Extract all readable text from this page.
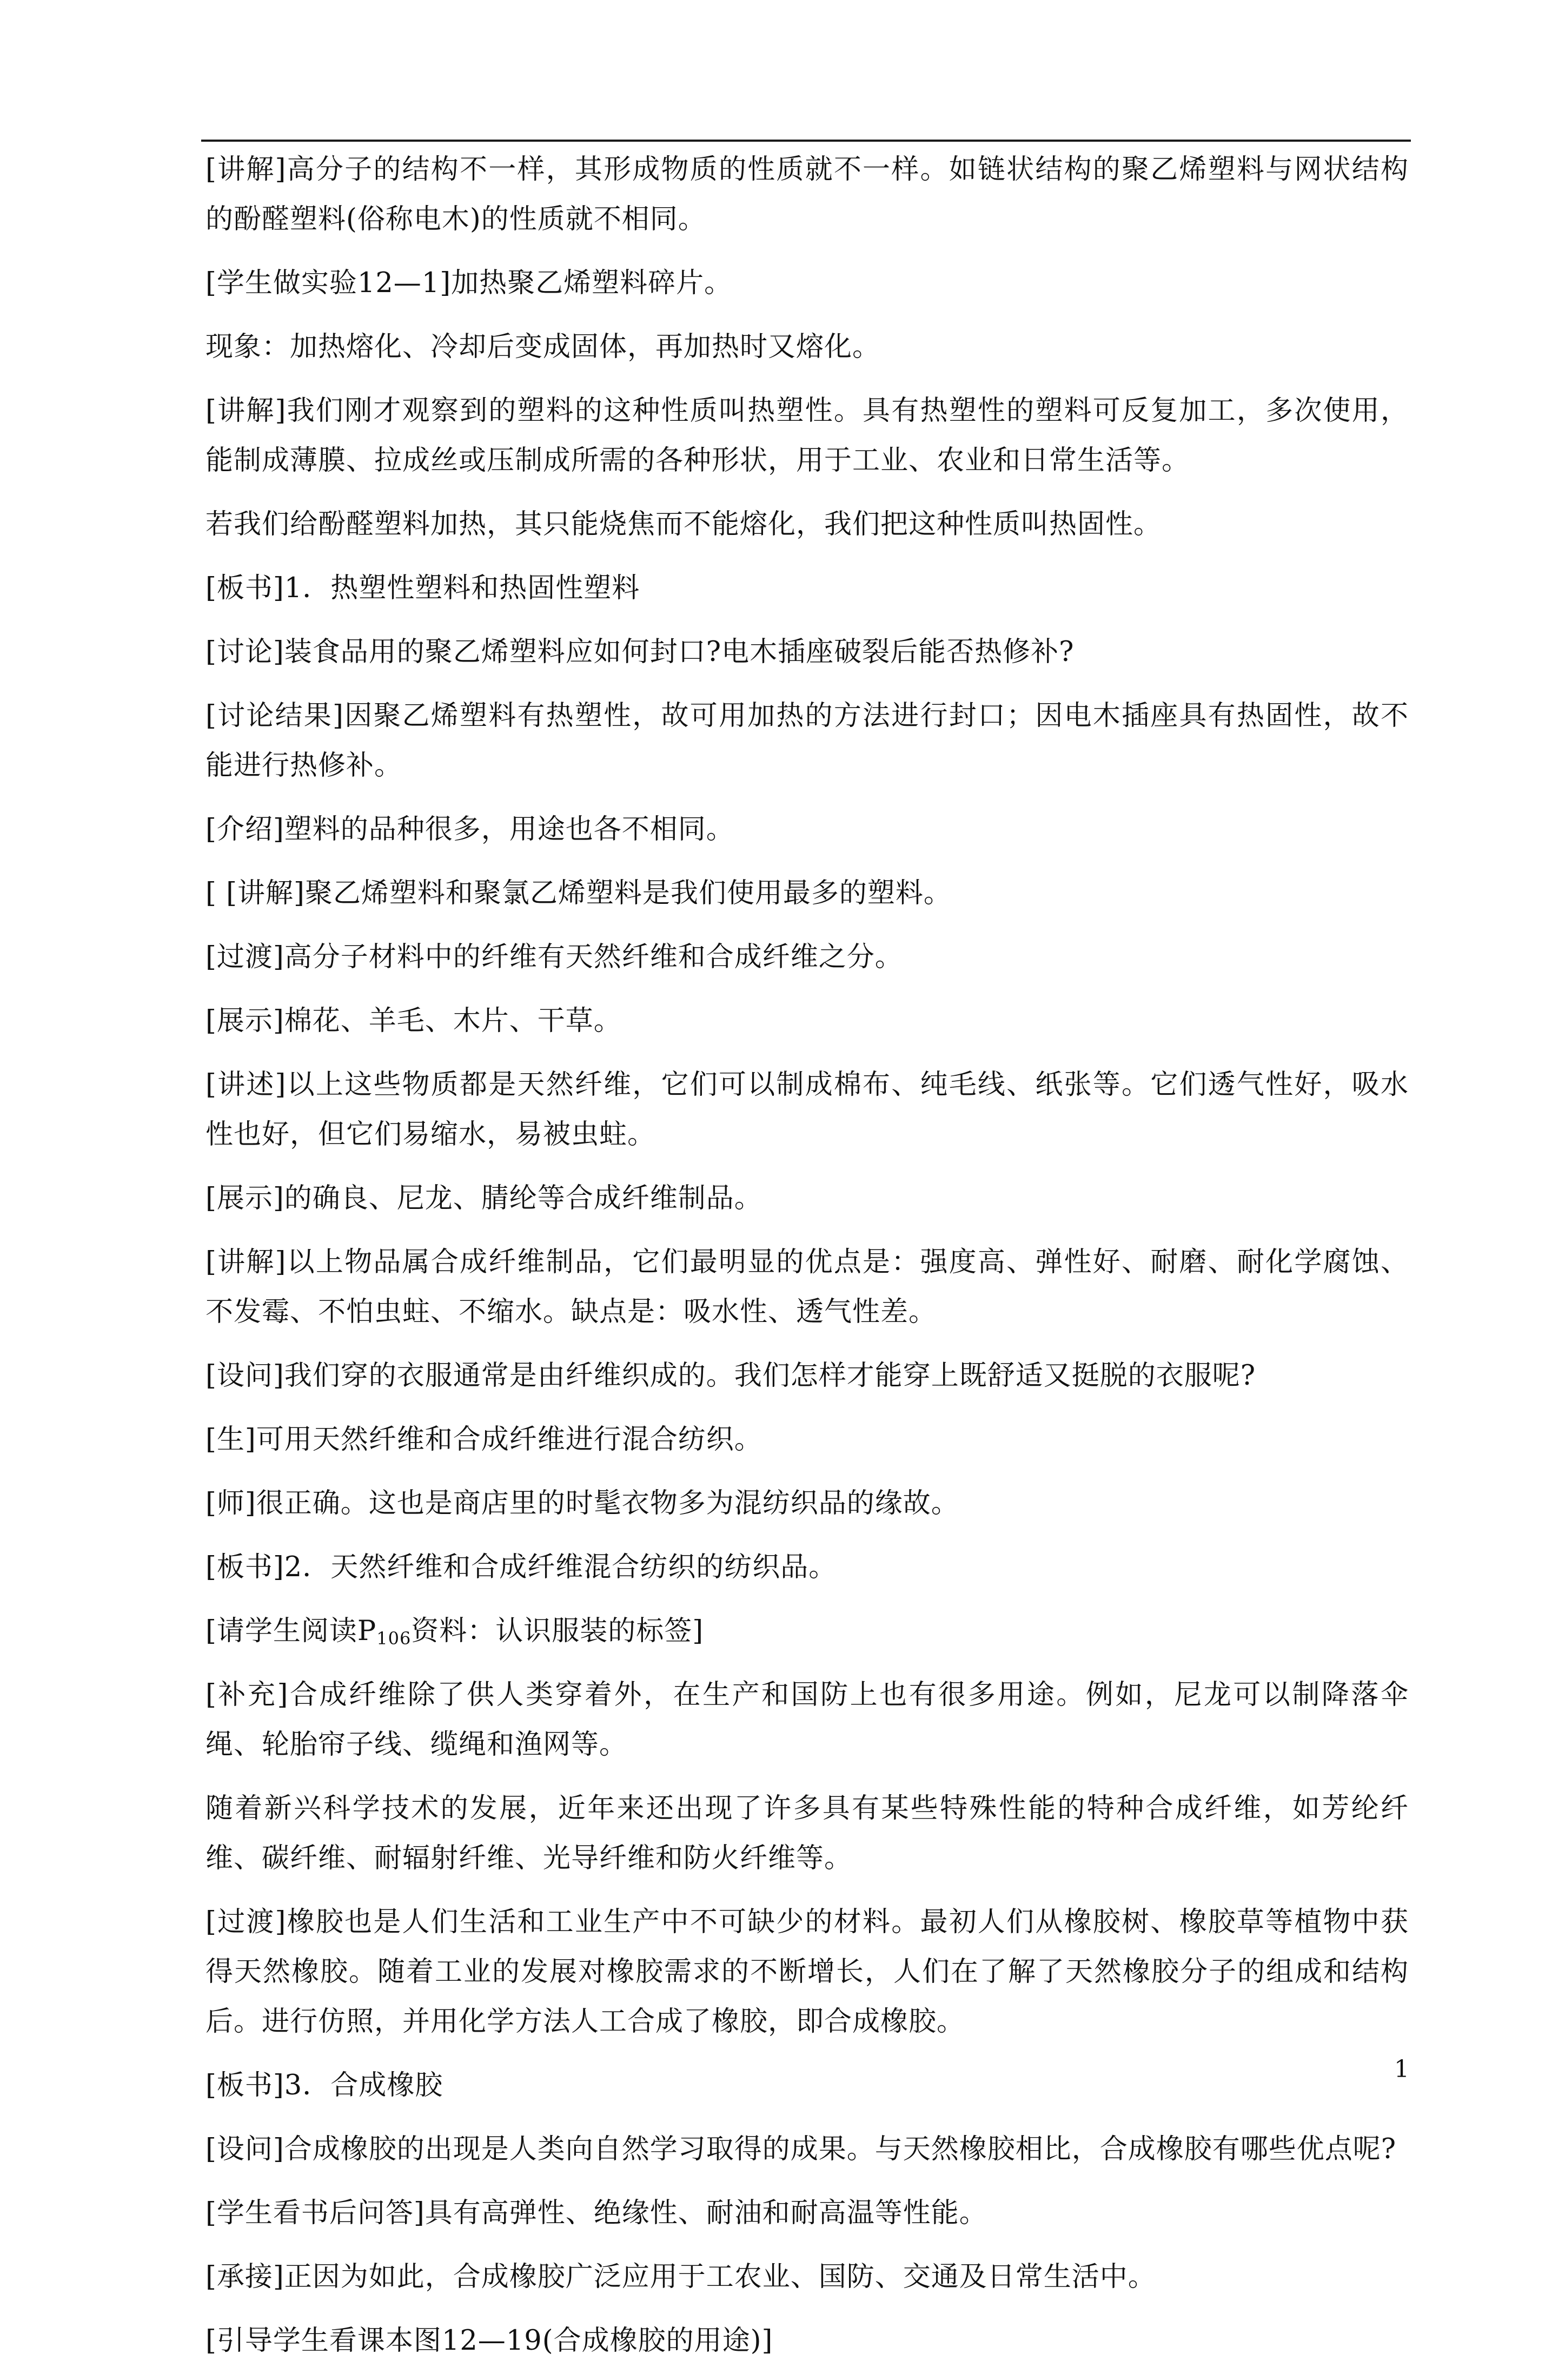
[讲解]高分子的结构不一样，其形成物质的性质就不一样。如链状结构的聚乙烯塑料与网状结构的酚醛塑料(俗称电木)的性质就不相同。

[学生做实验12—1]加热聚乙烯塑料碎片。

现象：加热熔化、冷却后变成固体，再加热时又熔化。

[讲解]我们刚才观察到的塑料的这种性质叫热塑性。具有热塑性的塑料可反复加工，多次使用，能制成薄膜、拉成丝或压制成所需的各种形状，用于工业、农业和日常生活等。

若我们给酚醛塑料加热，其只能烧焦而不能熔化，我们把这种性质叫热固性。

[板书]1．热塑性塑料和热固性塑料

[讨论]装食品用的聚乙烯塑料应如何封口?电木插座破裂后能否热修补?

[讨论结果]因聚乙烯塑料有热塑性，故可用加热的方法进行封口；因电木插座具有热固性，故不能进行热修补。

[介绍]塑料的品种很多，用途也各不相同。

[ [讲解]聚乙烯塑料和聚氯乙烯塑料是我们使用最多的塑料。

[过渡]高分子材料中的纤维有天然纤维和合成纤维之分。

[展示]棉花、羊毛、木片、干草。

[讲述]以上这些物质都是天然纤维，它们可以制成棉布、纯毛线、纸张等。它们透气性好，吸水性也好，但它们易缩水，易被虫蛀。

[展示]的确良、尼龙、腈纶等合成纤维制品。

[讲解]以上物品属合成纤维制品，它们最明显的优点是：强度高、弹性好、耐磨、耐化学腐蚀、不发霉、不怕虫蛀、不缩水。缺点是：吸水性、透气性差。

[设问]我们穿的衣服通常是由纤维织成的。我们怎样才能穿上既舒适又挺脱的衣服呢?

[生]可用天然纤维和合成纤维进行混合纺织。

[师]很正确。这也是商店里的时髦衣物多为混纺织品的缘故。

[板书]2．天然纤维和合成纤维混合纺织的纺织品。

[请学生阅读$P_{106}$资料：认识服装的标签]

[补充]合成纤维除了供人类穿着外，在生产和国防上也有很多用途。例如，尼龙可以制降落伞绳、轮胎帘子线、缆绳和渔网等。

随着新兴科学技术的发展，近年来还出现了许多具有某些特殊性能的特种合成纤维，如芳纶纤维、碳纤维、耐辐射纤维、光导纤维和防火纤维等。

[过渡]橡胶也是人们生活和工业生产中不可缺少的材料。最初人们从橡胶树、橡胶草等植物中获得天然橡胶。随着工业的发展对橡胶需求的不断增长，人们在了解了天然橡胶分子的组成和结构后。进行仿照，并用化学方法人工合成了橡胶，即合成橡胶。

[板书]3．合成橡胶

[设问]合成橡胶的出现是人类向自然学习取得的成果。与天然橡胶相比，合成橡胶有哪些优点呢?

[学生看书后问答]具有高弹性、绝缘性、耐油和耐高温等性能。

[承接]正因为如此，合成橡胶广泛应用于工农业、国防、交通及日常生活中。

[引导学生看课本图12—19(合成橡胶的用途)]

1
